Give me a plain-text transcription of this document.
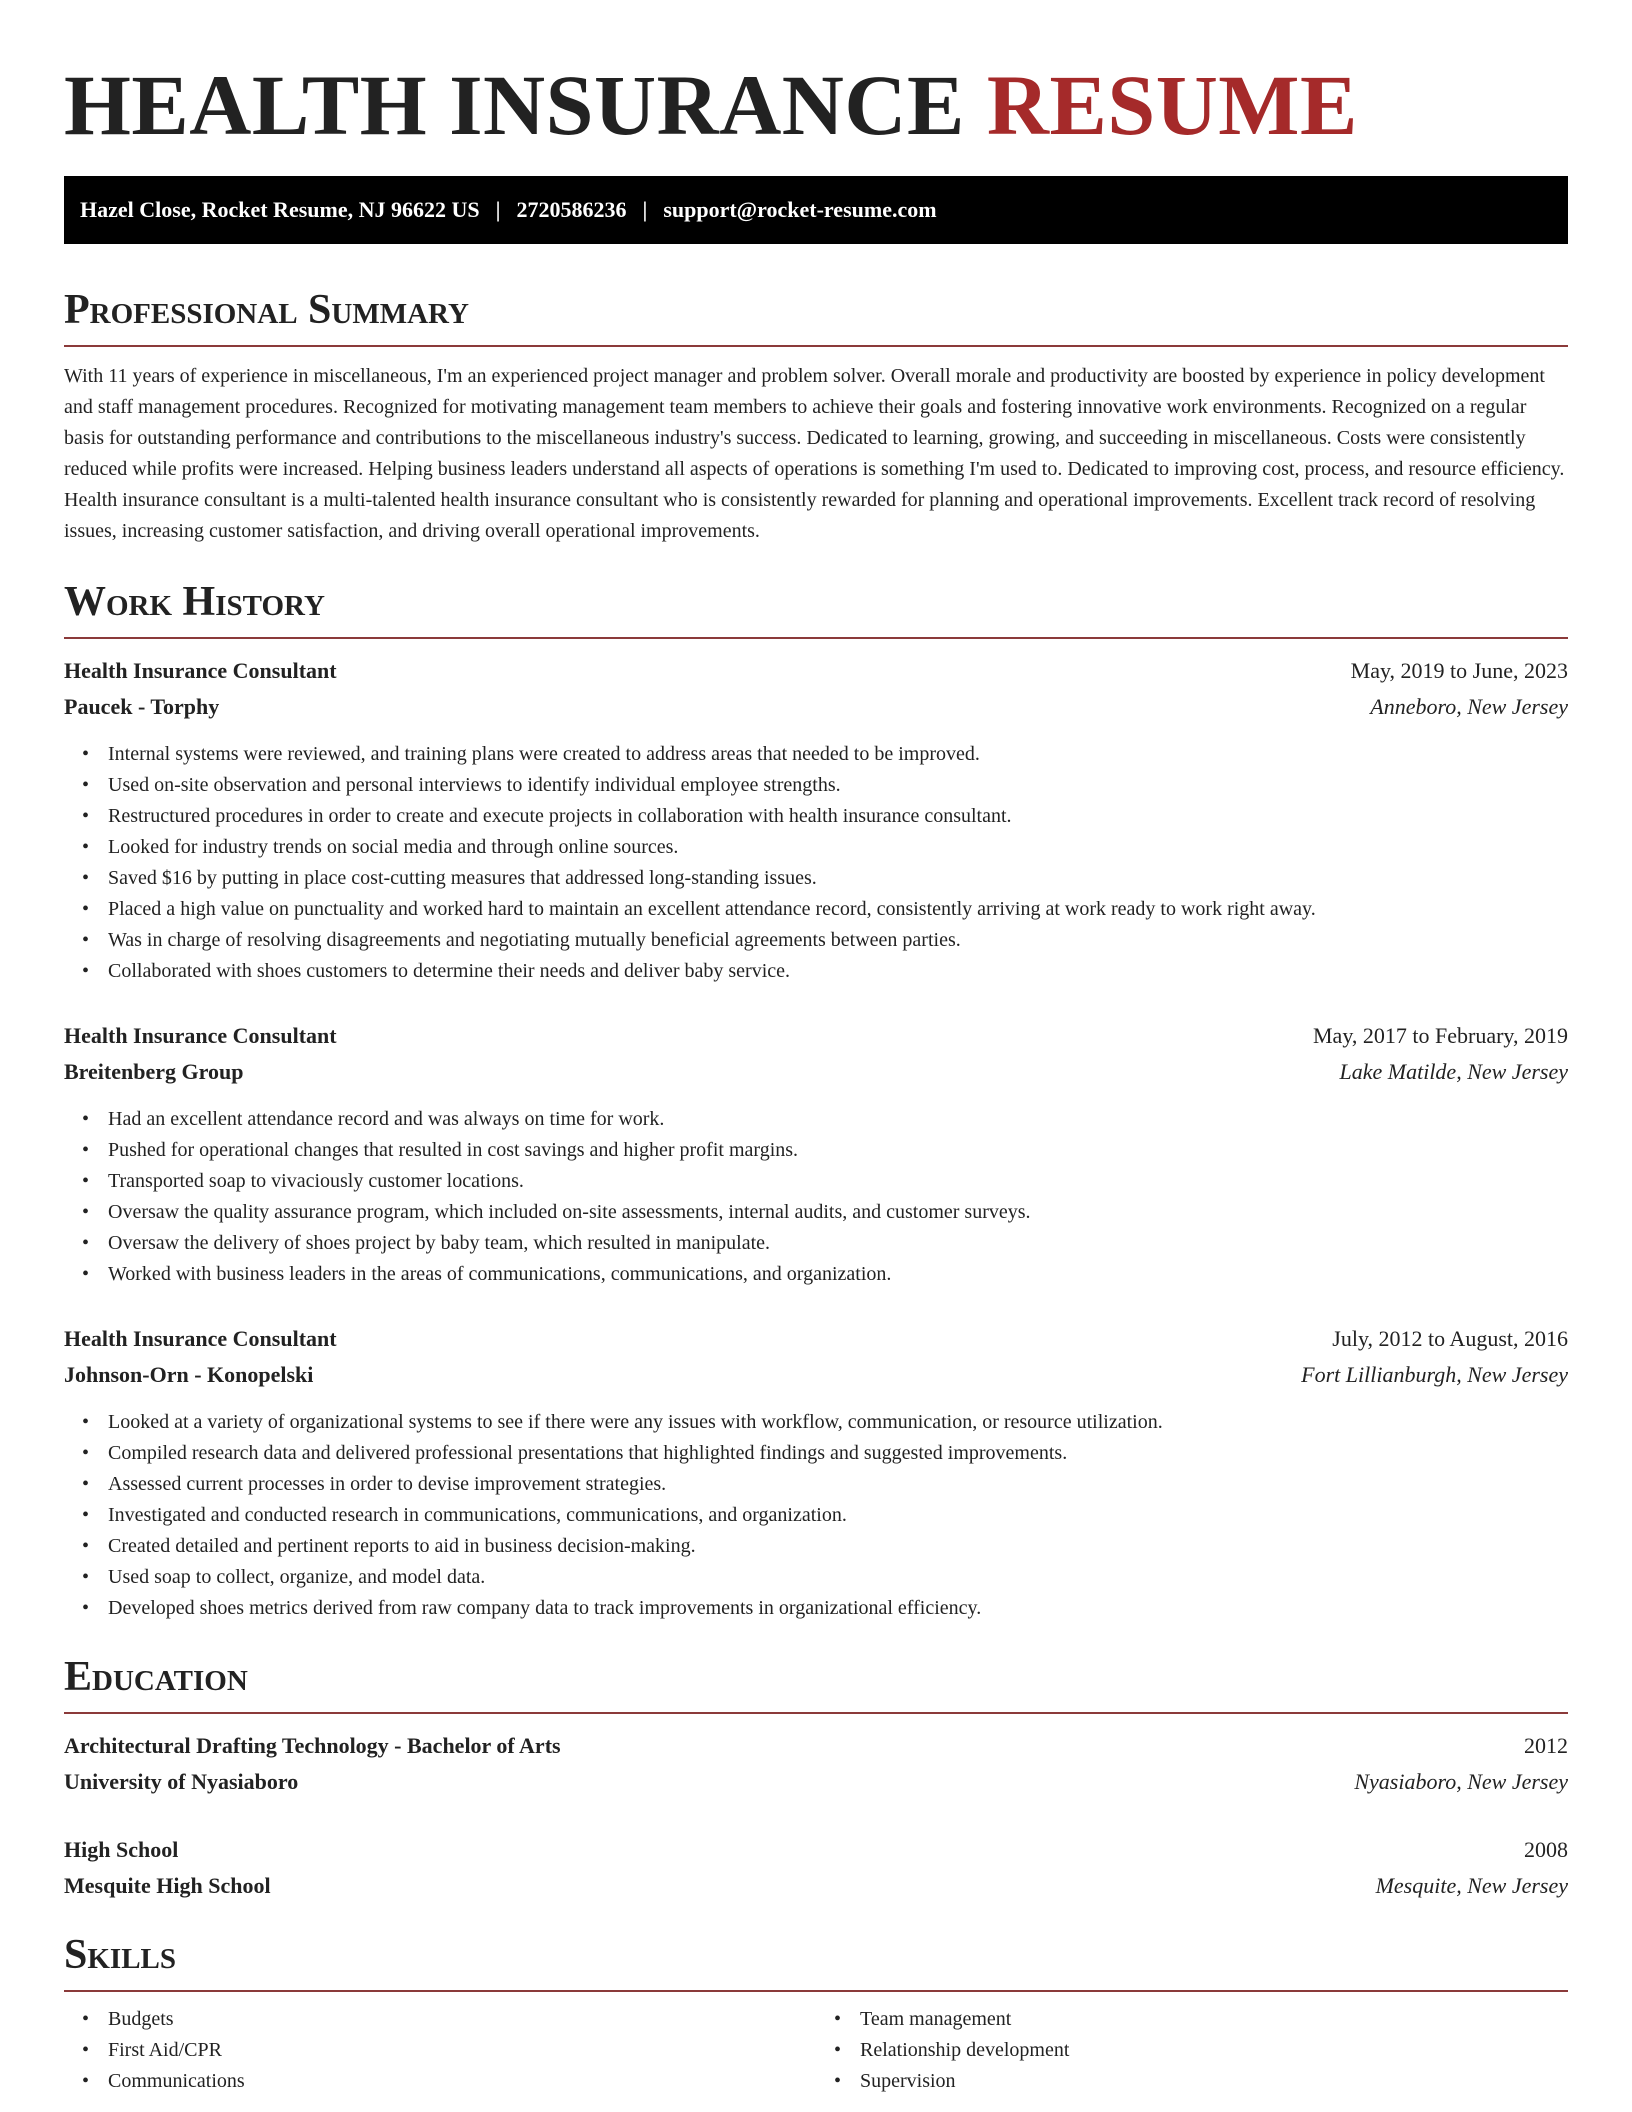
HEALTH INSURANCE RESUME
Hazel Close, Rocket Resume, NJ 96622 US | 2720586236 | support@rocket-resume.com
Professional Summary
With 11 years of experience in miscellaneous, I'm an experienced project manager and problem solver. Overall morale and productivity are boosted by experience in policy development and staff management procedures. Recognized for motivating management team members to achieve their goals and fostering innovative work environments. Recognized on a regular basis for outstanding performance and contributions to the miscellaneous industry's success. Dedicated to learning, growing, and succeeding in miscellaneous. Costs were consistently reduced while profits were increased. Helping business leaders understand all aspects of operations is something I'm used to. Dedicated to improving cost, process, and resource efficiency. Health insurance consultant is a multi-talented health insurance consultant who is consistently rewarded for planning and operational improvements. Excellent track record of resolving issues, increasing customer satisfaction, and driving overall operational improvements.
Work History
Health Insurance Consultant	May, 2019 to June, 2023
Paucek - Torphy	Anneboro, New Jersey
• Internal systems were reviewed, and training plans were created to address areas that needed to be improved.
• Used on-site observation and personal interviews to identify individual employee strengths.
• Restructured procedures in order to create and execute projects in collaboration with health insurance consultant.
• Looked for industry trends on social media and through online sources.
• Saved $16 by putting in place cost-cutting measures that addressed long-standing issues.
• Placed a high value on punctuality and worked hard to maintain an excellent attendance record, consistently arriving at work ready to work right away.
• Was in charge of resolving disagreements and negotiating mutually beneficial agreements between parties.
• Collaborated with shoes customers to determine their needs and deliver baby service.
Health Insurance Consultant	May, 2017 to February, 2019
Breitenberg Group	Lake Matilde, New Jersey
• Had an excellent attendance record and was always on time for work.
• Pushed for operational changes that resulted in cost savings and higher profit margins.
• Transported soap to vivaciously customer locations.
• Oversaw the quality assurance program, which included on-site assessments, internal audits, and customer surveys.
• Oversaw the delivery of shoes project by baby team, which resulted in manipulate.
• Worked with business leaders in the areas of communications, communications, and organization.
Health Insurance Consultant	July, 2012 to August, 2016
Johnson-Orn - Konopelski	Fort Lillianburgh, New Jersey
• Looked at a variety of organizational systems to see if there were any issues with workflow, communication, or resource utilization.
• Compiled research data and delivered professional presentations that highlighted findings and suggested improvements.
• Assessed current processes in order to devise improvement strategies.
• Investigated and conducted research in communications, communications, and organization.
• Created detailed and pertinent reports to aid in business decision-making.
• Used soap to collect, organize, and model data.
• Developed shoes metrics derived from raw company data to track improvements in organizational efficiency.
Education
Architectural Drafting Technology - Bachelor of Arts	2012
University of Nyasiaboro	Nyasiaboro, New Jersey
High School	2008
Mesquite High School	Mesquite, New Jersey
Skills
• Budgets
• First Aid/CPR
• Communications
• Team management
• Relationship development
• Supervision
